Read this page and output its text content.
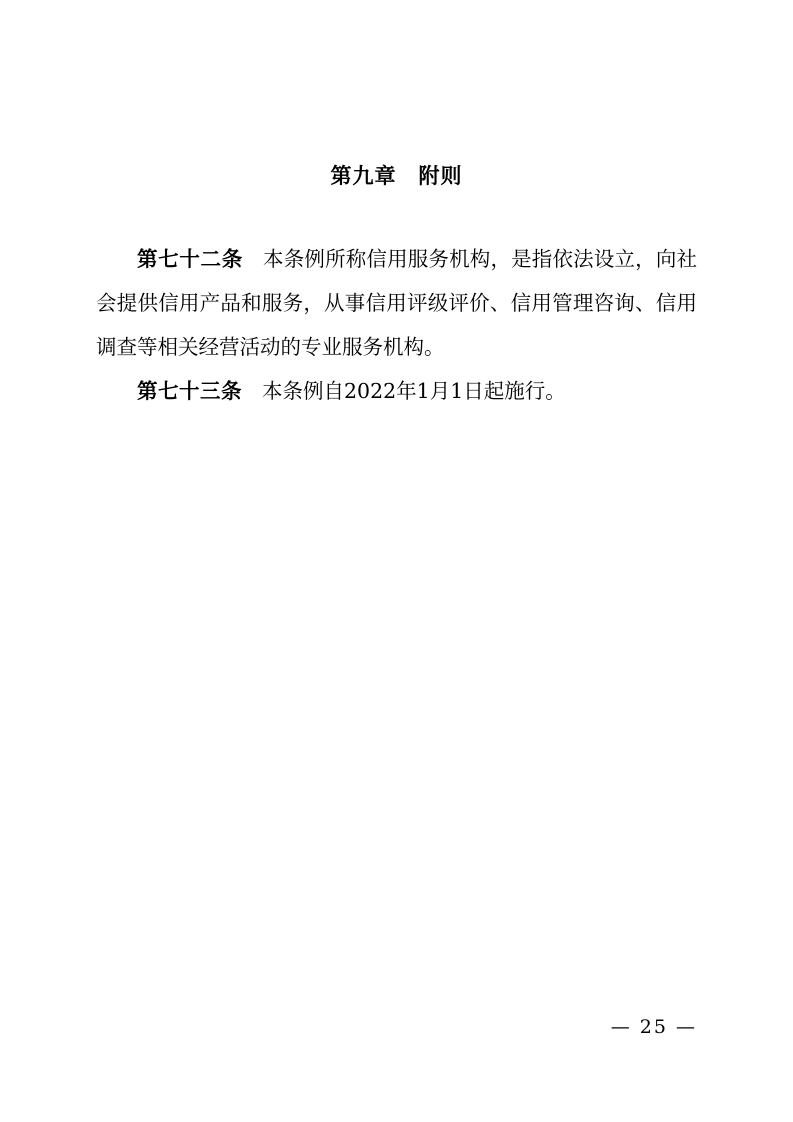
第九章 附则

第七十二条 本条例所称信用服务机构，是指依法设立，向社会提供信用产品和服务，从事信用评级评价、信用管理咨询、信用调查等相关经营活动的专业服务机构。

第七十三条 本条例自2022年1月1日起施行。

— 25 —
